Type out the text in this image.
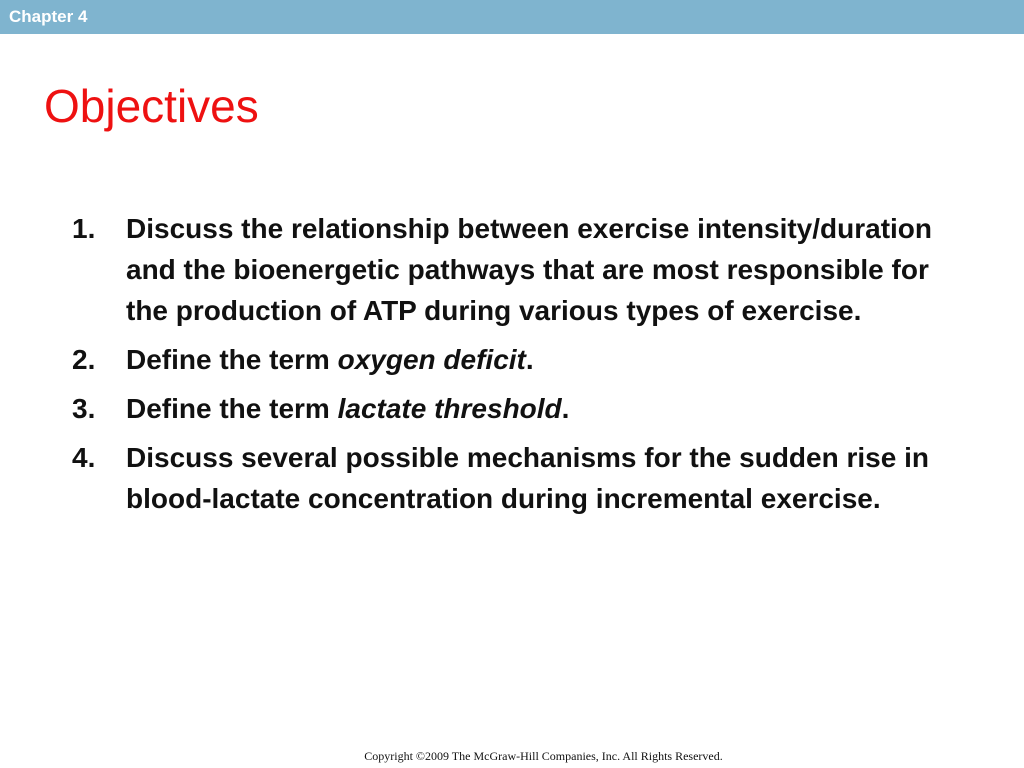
Chapter 4
Objectives
1.	Discuss the relationship between exercise intensity/duration and the bioenergetic pathways that are most responsible for the production of ATP during various types of exercise.
2.	Define the term oxygen deficit.
3.	Define the term lactate threshold.
4.	Discuss several possible mechanisms for the sudden rise in blood-lactate concentration during incremental exercise.
Copyright ©2009 The McGraw-Hill Companies, Inc. All Rights Reserved.
